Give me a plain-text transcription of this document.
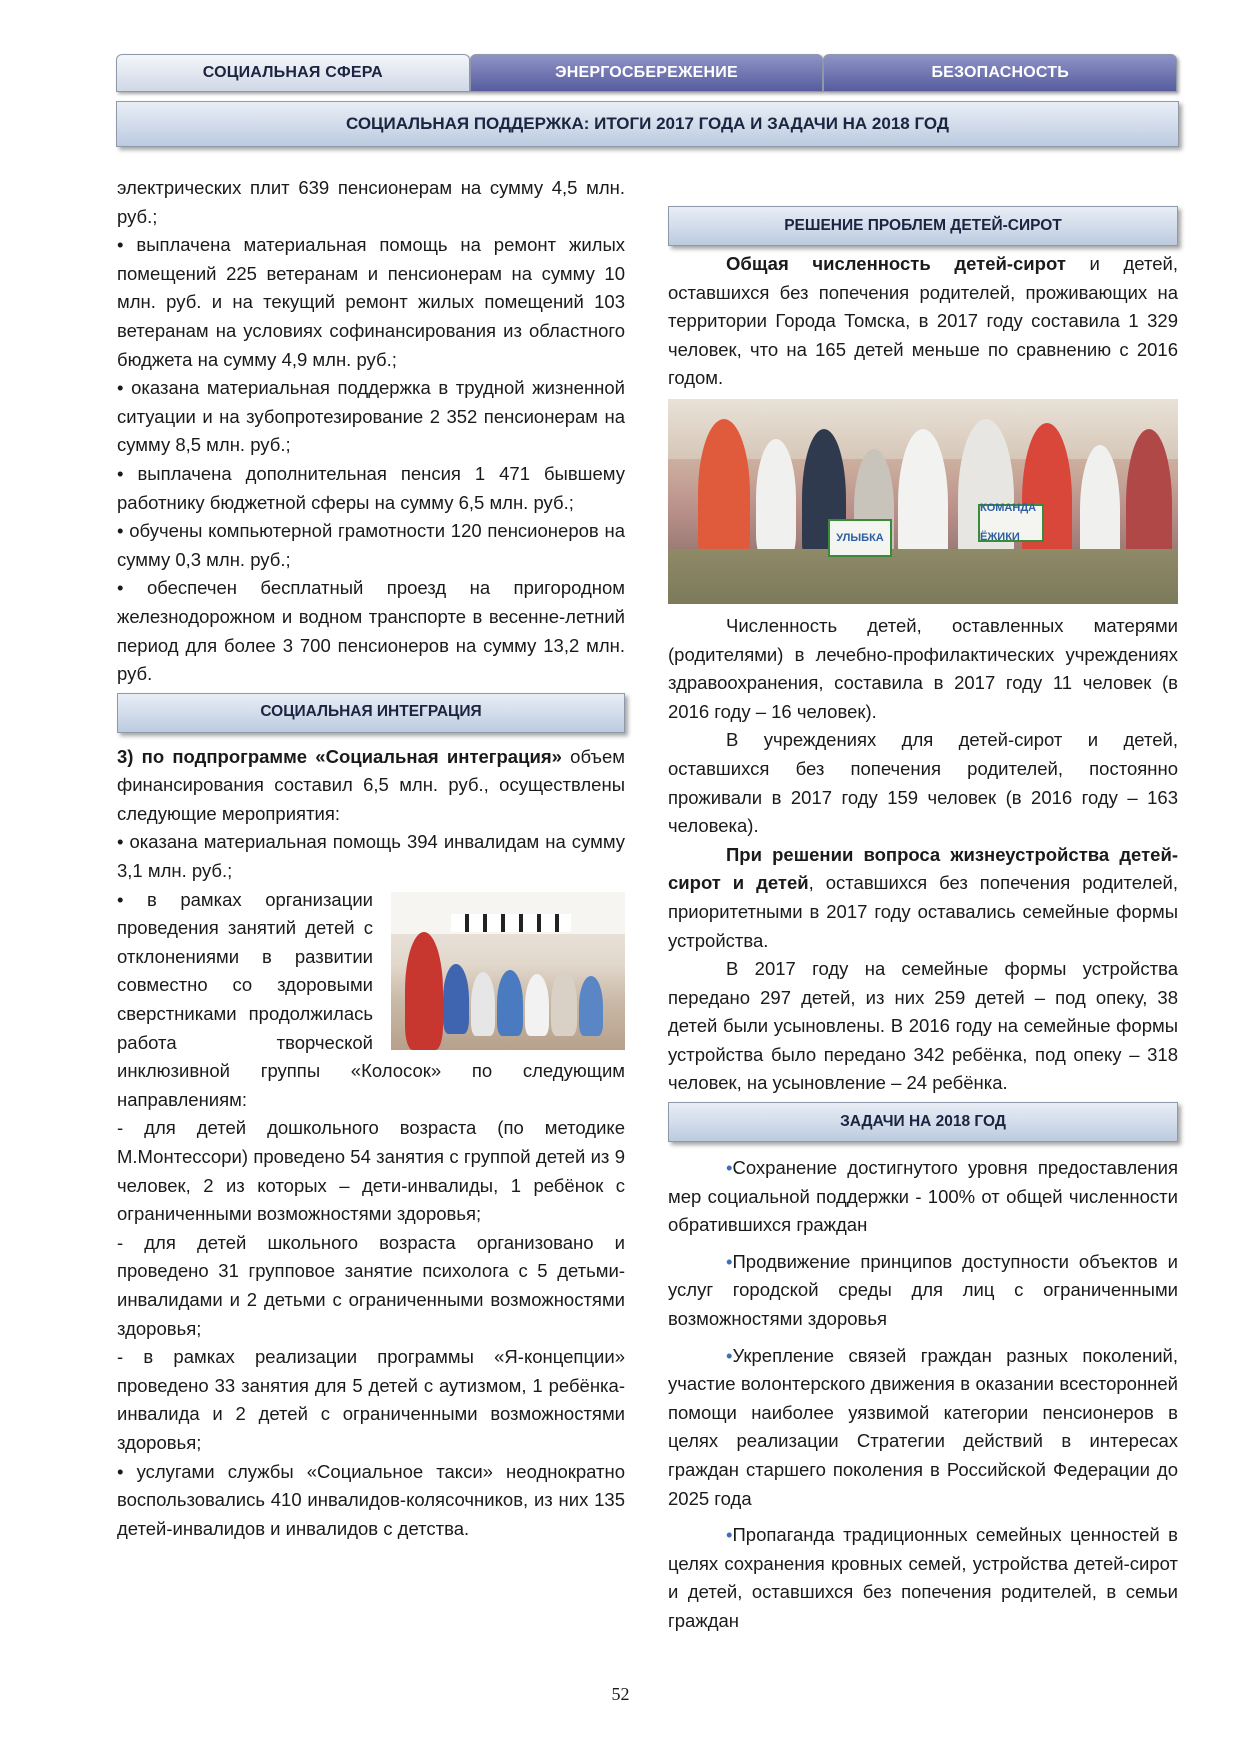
СОЦИАЛЬНАЯ СФЕРА	ЭНЕРГОСБЕРЕЖЕНИЕ	БЕЗОПАСНОСТЬ
СОЦИАЛЬНАЯ ПОДДЕРЖКА: ИТОГИ 2017 ГОДА И ЗАДАЧИ НА 2018 ГОД

электрических плит 639 пенсионерам на сумму 4,5 млн. руб.;

• выплачена материальная помощь на ремонт жилых помещений 225 ветеранам и пенсионерам на сумму 10 млн. руб. и на текущий ремонт жилых помещений 103 ветеранам на условиях софинансирования из областного бюджета на сумму 4,9 млн. руб.;

• оказана материальная поддержка в трудной жизненной ситуации и на зубопротезирование 2 352 пенсионерам на сумму 8,5 млн. руб.;

• выплачена дополнительная пенсия 1 471 бывшему работнику бюджетной сферы на сумму 6,5 млн. руб.;

• обучены компьютерной грамотности 120 пенсионеров на сумму 0,3 млн. руб.;

• обеспечен бесплатный проезд на пригородном железнодорожном и водном транспорте в весенне-летний период для более 3 700 пенсионеров на сумму 13,2 млн. руб.

СОЦИАЛЬНАЯ ИНТЕГРАЦИЯ

3) по подпрограмме «Социальная интеграция» объем финансирования составил 6,5 млн. руб., осуществлены следующие мероприятия:

• оказана материальная помощь 394 инвалидам на сумму 3,1 млн. руб.;

• в рамках организации проведения занятий детей с отклонениями в развитии совместно со здоровыми сверстниками продолжилась работа творческой инклюзивной группы «Колосок» по следующим направлениям:

- для детей дошкольного возраста (по методике М.Монтессори) проведено 54 занятия с группой детей из 9 человек, 2 из которых – дети-инвалиды, 1 ребёнок с ограниченными возможностями здоровья;

- для детей школьного возраста организовано и проведено 31 групповое занятие психолога с 5 детьми-инвалидами и 2 детьми с ограниченными возможностями здоровья;

- в рамках реализации программы «Я-концепции» проведено 33 занятия для 5 детей с аутизмом, 1 ребёнка-инвалида и 2 детей с ограниченными возможностями здоровья;

• услугами службы «Социальное такси» неоднократно воспользовались 410 инвалидов-колясочников, из них 135 детей-инвалидов и инвалидов с детства.

РЕШЕНИЕ ПРОБЛЕМ ДЕТЕЙ-СИРОТ

Общая численность детей-сирот и детей, оставшихся без попечения родителей, проживающих на территории Города Томска, в 2017 году составила 1 329 человек, что на 165 детей меньше по сравнению с 2016 годом.

УЛЫБКА
КОМАНДА ЁЖИКИ

Численность детей, оставленных матерями (родителями) в лечебно-профилактических учреждениях здравоохранения, составила в 2017 году 11 человек (в 2016 году – 16 человек).

В учреждениях для детей-сирот и детей, оставшихся без попечения родителей, постоянно проживали в 2017 году 159 человек (в 2016 году – 163 человека).

При решении вопроса жизнеустройства детей-сирот и детей, оставшихся без попечения родителей, приоритетными в 2017 году оставались семейные формы устройства.

В 2017 году на семейные формы устройства передано 297 детей, из них 259 детей – под опеку, 38 детей были усыновлены. В 2016 году на семейные формы устройства было передано 342 ребёнка, под опеку – 318 человек, на усыновление – 24 ребёнка.

ЗАДАЧИ НА 2018 ГОД

•Сохранение достигнутого уровня предоставления мер социальной поддержки - 100% от общей численности обратившихся граждан

•Продвижение принципов доступности объектов и услуг городской среды для лиц с ограниченными возможностями здоровья

•Укрепление связей граждан разных поколений, участие волонтерского движения в оказании всесторонней помощи наиболее уязвимой категории пенсионеров в целях реализации Стратегии действий в интересах граждан старшего поколения в Российской Федерации до 2025 года

•Пропаганда традиционных семейных ценностей в целях сохранения кровных семей, устройства детей-сирот и детей, оставшихся без попечения родителей, в семьи граждан

52
